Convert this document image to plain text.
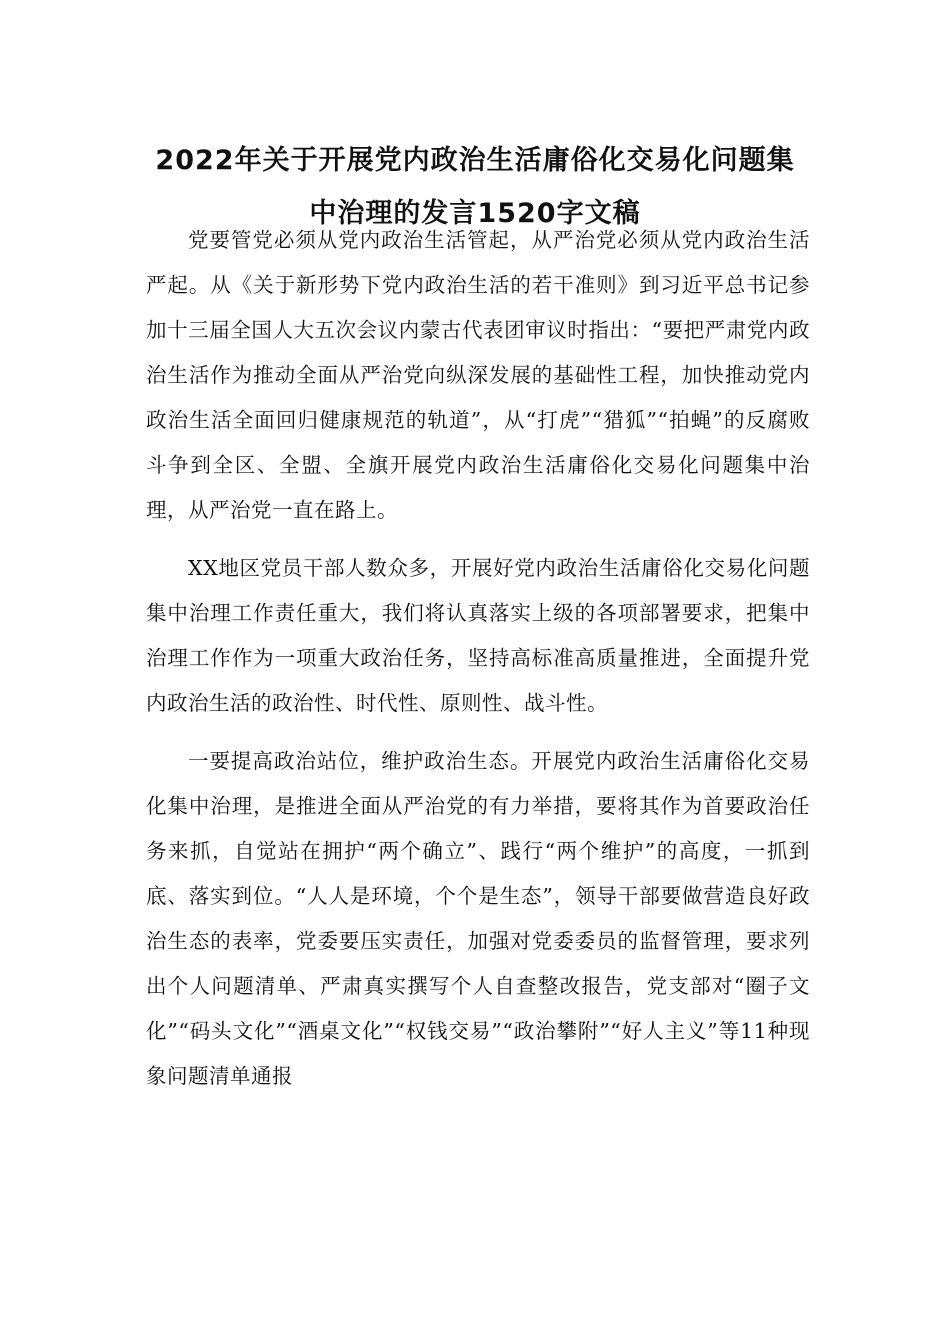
2022年关于开展党内政治生活庸俗化交易化问题集
中治理的发言1520字文稿

党要管党必须从党内政治生活管起，从严治党必须从党内政治生活严起。从《关于新形势下党内政治生活的若干准则》到习近平总书记参加十三届全国人大五次会议内蒙古代表团审议时指出：“要把严肃党内政治生活作为推动全面从严治党向纵深发展的基础性工程，加快推动党内政治生活全面回归健康规范的轨道”，从“打虎”“猎狐”“拍蝇”的反腐败斗争到全区、全盟、全旗开展党内政治生活庸俗化交易化问题集中治理，从严治党一直在路上。

XX地区党员干部人数众多，开展好党内政治生活庸俗化交易化问题集中治理工作责任重大，我们将认真落实上级的各项部署要求，把集中治理工作作为一项重大政治任务，坚持高标准高质量推进，全面提升党内政治生活的政治性、时代性、原则性、战斗性。

一要提高政治站位，维护政治生态。开展党内政治生活庸俗化交易化集中治理，是推进全面从严治党的有力举措，要将其作为首要政治任务来抓，自觉站在拥护“两个确立”、践行“两个维护”的高度，一抓到底、落实到位。“人人是环境，个个是生态”，领导干部要做营造良好政治生态的表率，党委要压实责任，加强对党委委员的监督管理，要求列出个人问题清单、严肃真实撰写个人自查整改报告，党支部对“圈子文化”“码头文化”“酒桌文化”“权钱交易”“政治攀附”“好人主义”等11种现象问题清单通报
